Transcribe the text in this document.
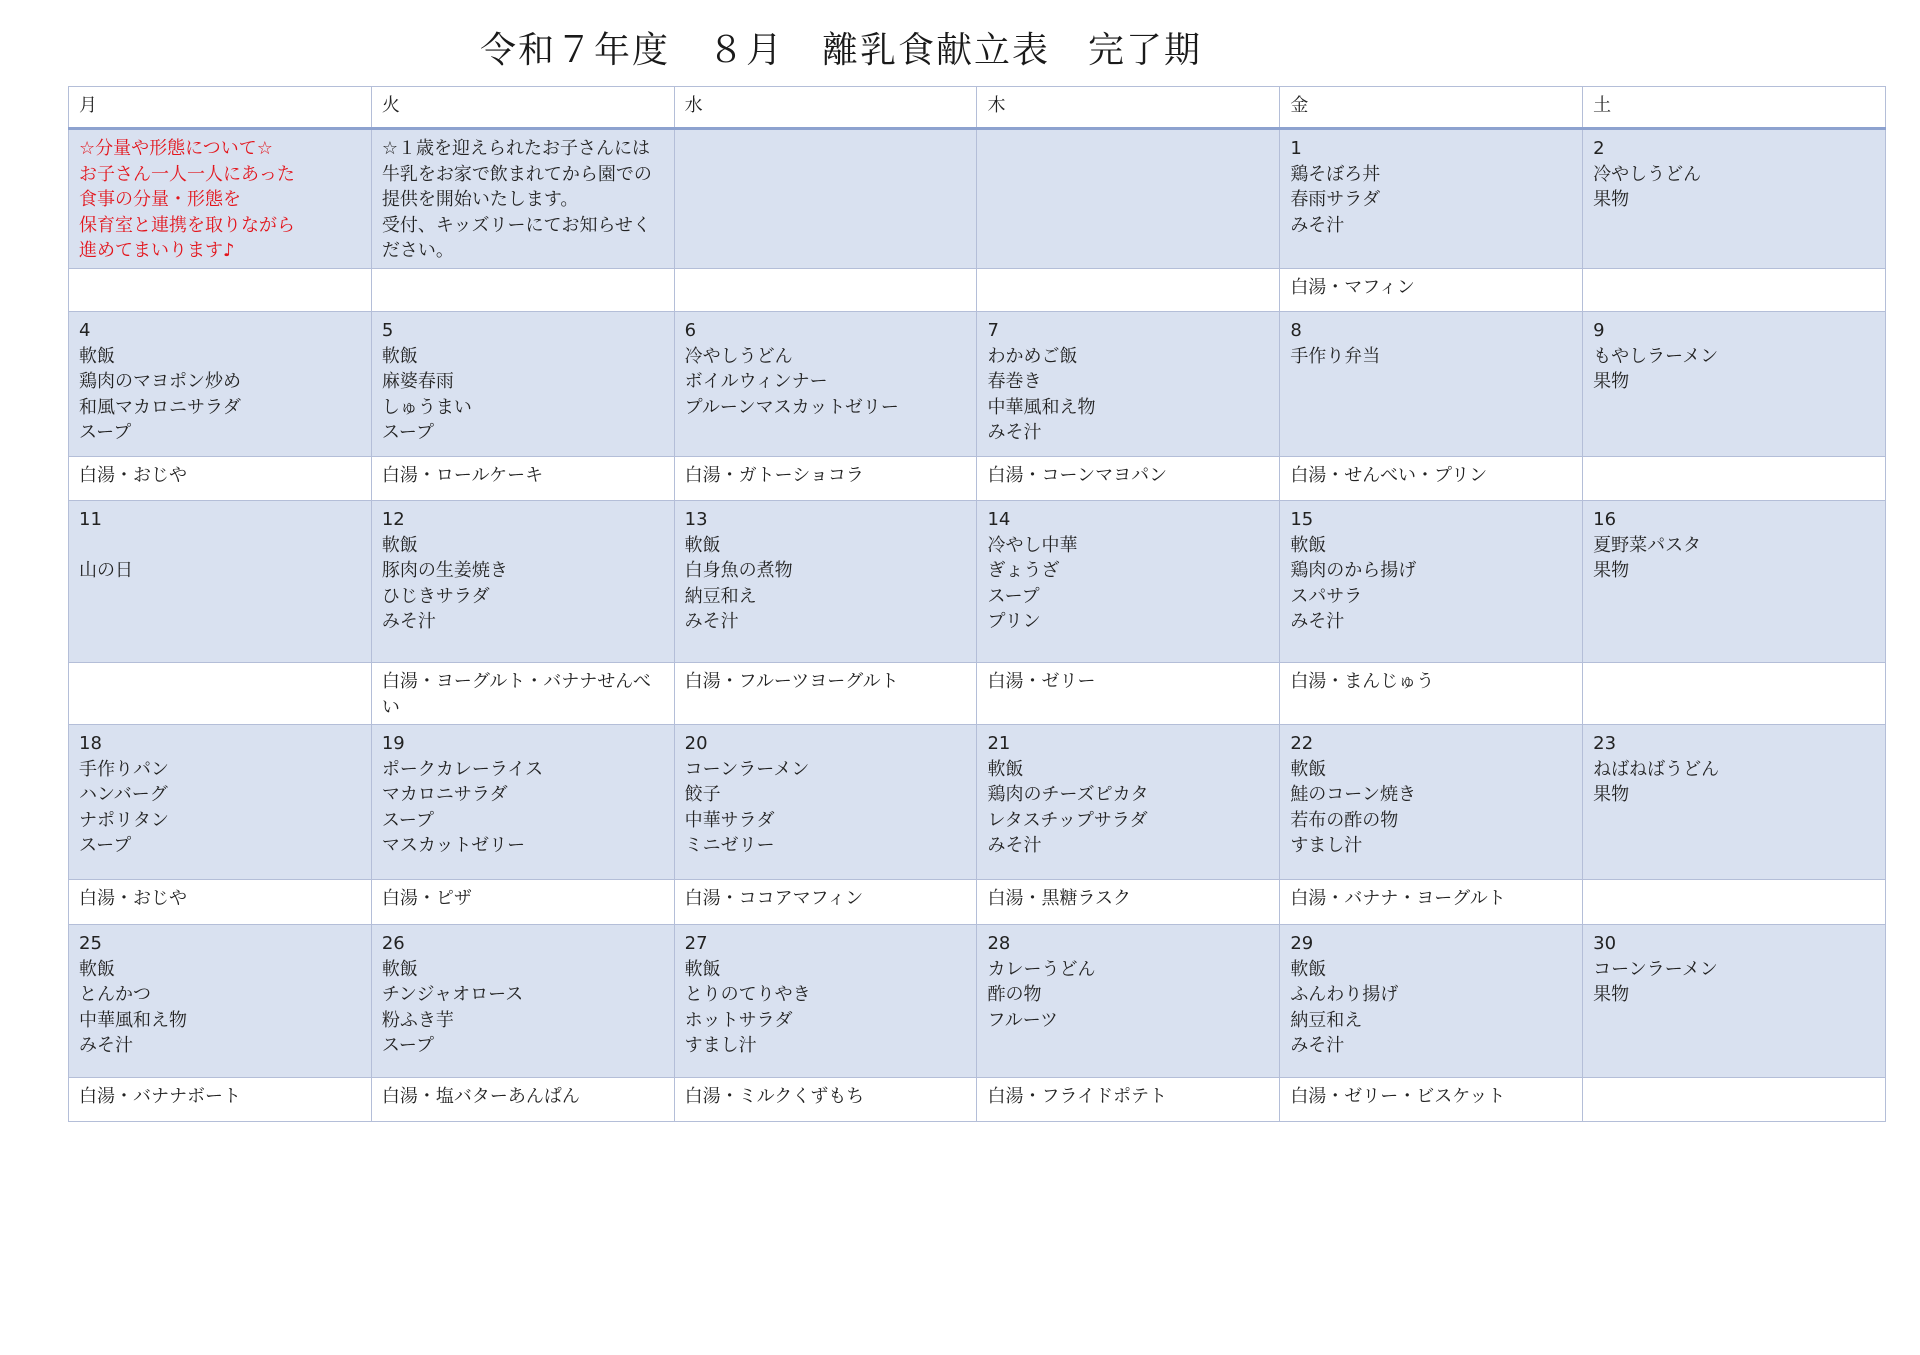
令和７年度　８月　離乳食献立表　完了期
月	火	水	木	金	土
☆分量や形態について☆
お子さん一人一人にあった
食事の分量・形態を
保育室と連携を取りながら
進めてまいります♪	☆１歳を迎えられたお子さんには牛乳をお家で飲まれてから園での提供を開始いたします。
受付、キッズリーにてお知らせください。			1
鶏そぼろ丼
春雨サラダ
みそ汁	2
冷やしうどん
果物
				白湯・マフィン	
4
軟飯
鶏肉のマヨポン炒め
和風マカロニサラダ
スープ	5
軟飯
麻婆春雨
しゅうまい
スープ	6
冷やしうどん
ボイルウィンナー
プルーンマスカットゼリー	7
わかめご飯
春巻き
中華風和え物
みそ汁	8
手作り弁当	9
もやしラーメン
果物
白湯・おじや	白湯・ロールケーキ	白湯・ガトーショコラ	白湯・コーンマヨパン	白湯・せんべい・プリン	
11

山の日	12
軟飯
豚肉の生姜焼き
ひじきサラダ
みそ汁	13
軟飯
白身魚の煮物
納豆和え
みそ汁	14
冷やし中華
ぎょうざ
スープ
プリン	15
軟飯
鶏肉のから揚げ
スパサラ
みそ汁	16
夏野菜パスタ
果物
	白湯・ヨーグルト・バナナせんべい	白湯・フルーツヨーグルト	白湯・ゼリー	白湯・まんじゅう	
18
手作りパン
ハンバーグ
ナポリタン
スープ	19
ポークカレーライス
マカロニサラダ
スープ
マスカットゼリー	20
コーンラーメン
餃子
中華サラダ
ミニゼリー	21
軟飯
鶏肉のチーズピカタ
レタスチップサラダ
みそ汁	22
軟飯
鮭のコーン焼き
若布の酢の物
すまし汁	23
ねばねばうどん
果物
白湯・おじや	白湯・ピザ	白湯・ココアマフィン	白湯・黒糖ラスク	白湯・バナナ・ヨーグルト	
25
軟飯
とんかつ
中華風和え物
みそ汁	26
軟飯
チンジャオロース
粉ふき芋
スープ	27
軟飯
とりのてりやき
ホットサラダ
すまし汁	28
カレーうどん
酢の物
フルーツ	29
軟飯
ふんわり揚げ
納豆和え
みそ汁	30
コーンラーメン
果物
白湯・バナナボート	白湯・塩バターあんぱん	白湯・ミルクくずもち	白湯・フライドポテト	白湯・ゼリー・ビスケット	
